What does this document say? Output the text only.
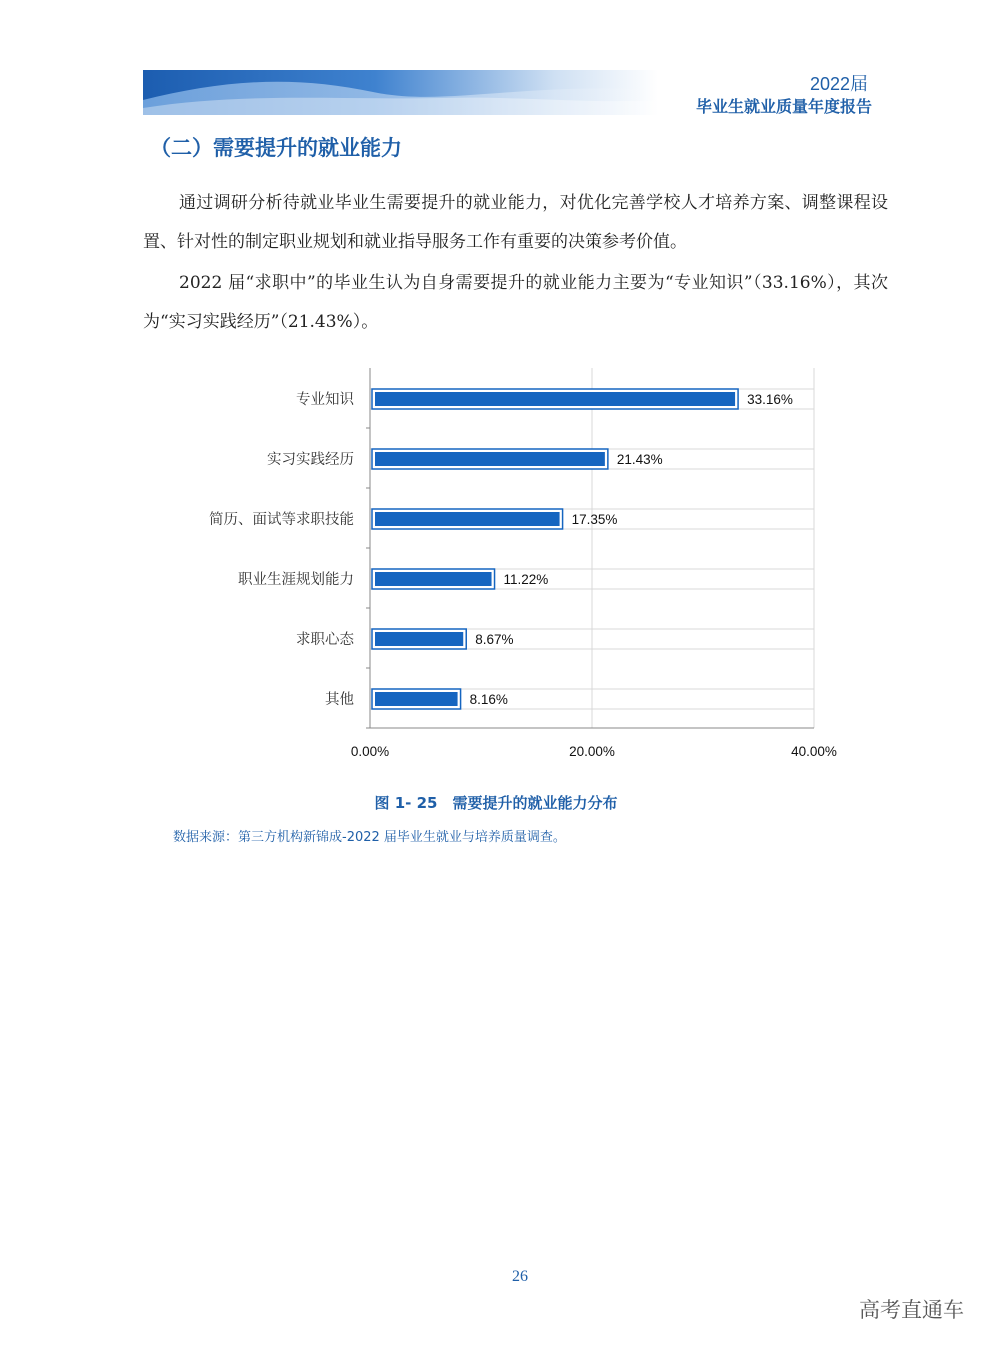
2022届
毕业生就业质量年度报告
（二）需要提升的就业能力
通过调研分析待就业毕业生需要提升的就业能力，对优化完善学校人才培养方案、调整课程设置、针对性的制定职业规划和就业指导服务工作有重要的决策参考价值。
2022 届“求职中”的毕业生认为自身需要提升的就业能力主要为“专业知识”（33.16%），其次为“实习实践经历”（21.43%）。
33.16%
专业知识
21.43%
实习实践经历
17.35%
简历、面试等求职技能
11.22%
职业生涯规划能力
8.67%
求职心态
8.16%
其他
0.00%	20.00%	40.00%
图 1- 25　需要提升的就业能力分布
数据来源：第三方机构新锦成-2022 届毕业生就业与培养质量调查。
26
高考直通车
